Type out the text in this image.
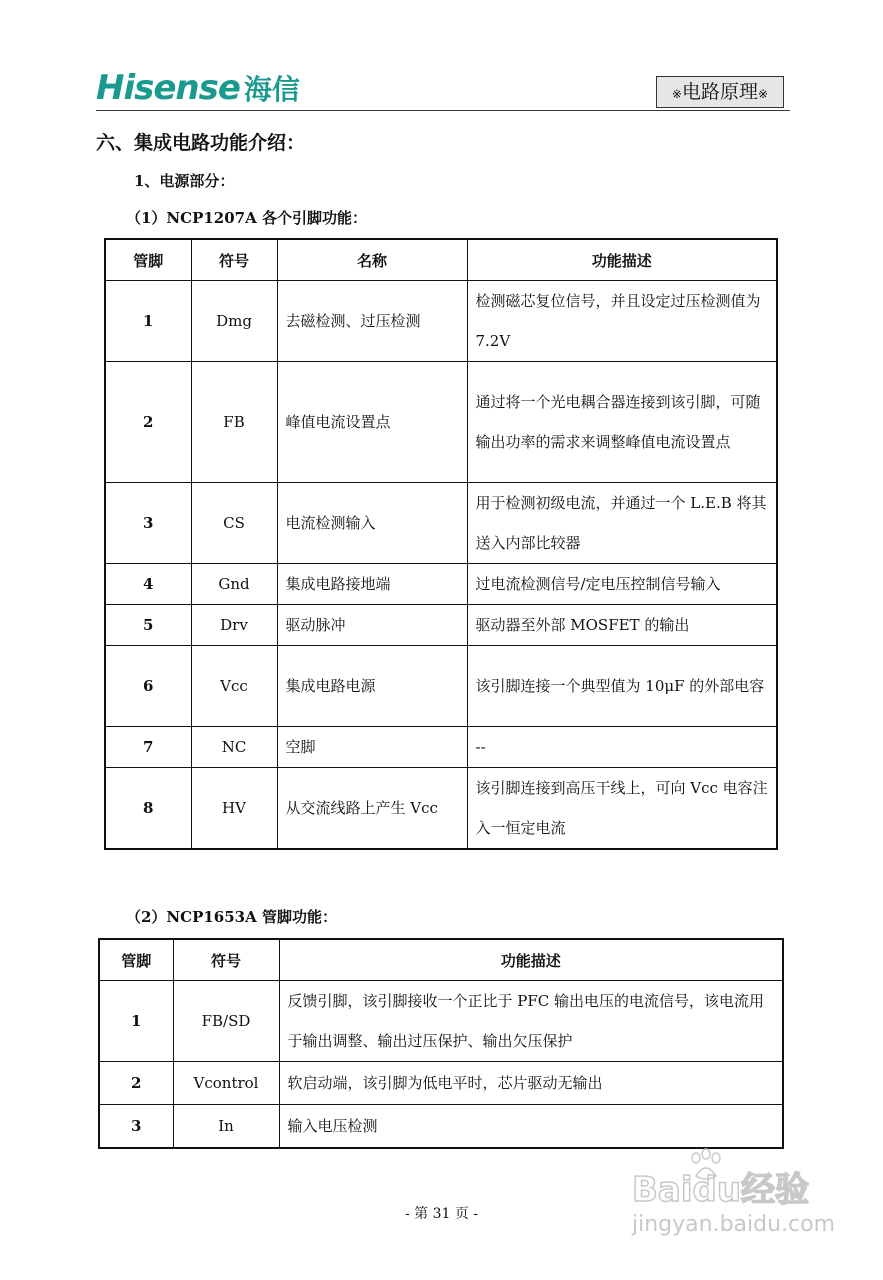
Hisense 海信	※电路原理※
六、集成电路功能介绍：
1、电源部分：
（1）NCP1207A 各个引脚功能：
管脚	符号	名称	功能描述
1	Dmg	去磁检测、过压检测	检测磁芯复位信号，并且设定过压检测值为 7.2V
2	FB	峰值电流设置点	通过将一个光电耦合器连接到该引脚，可随输出功率的需求来调整峰值电流设置点
3	CS	电流检测输入	用于检测初级电流，并通过一个 L.E.B 将其送入内部比较器
4	Gnd	集成电路接地端	过电流检测信号/定电压控制信号输入
5	Drv	驱动脉冲	驱动器至外部 MOSFET 的输出
6	Vcc	集成电路电源	该引脚连接一个典型值为 10μF 的外部电容
7	NC	空脚	--
8	HV	从交流线路上产生 Vcc	该引脚连接到高压干线上，可向 Vcc 电容注入一恒定电流
（2）NCP1653A 管脚功能：
管脚	符号	功能描述
1	FB/SD	反馈引脚，该引脚接收一个正比于 PFC 输出电压的电流信号，该电流用于输出调整、输出过压保护、输出欠压保护
2	Vcontrol	软启动端，该引脚为低电平时，芯片驱动无输出
3	In	输入电压检测
- 第 31 页 -
Baidu经验
jingyan.baidu.com
